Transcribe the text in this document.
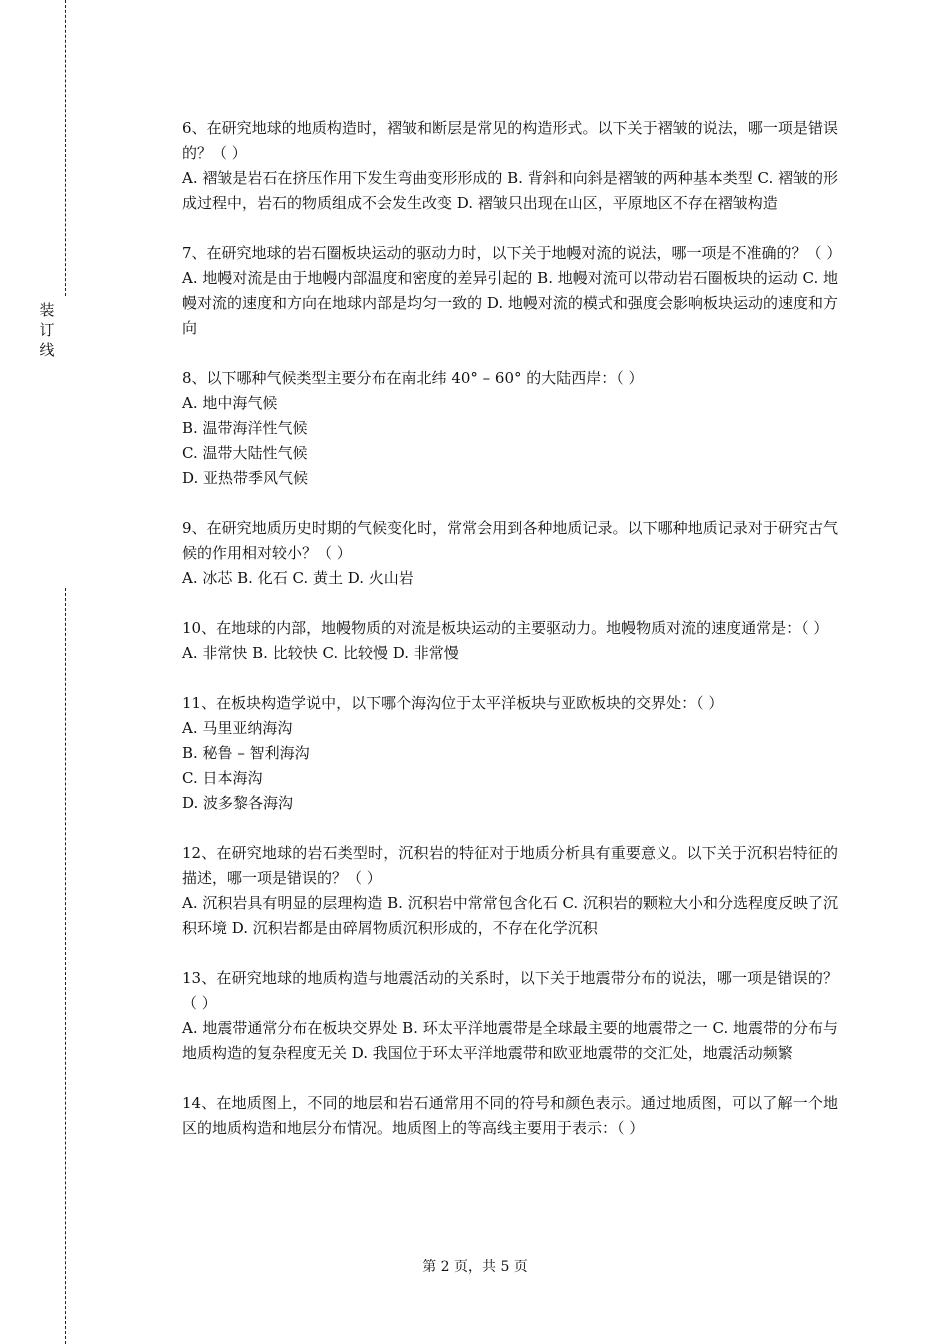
装
订
线

6、在研究地球的地质构造时，褶皱和断层是常见的构造形式。以下关于褶皱的说法，哪一项是错误的？（ ）

A. 褶皱是岩石在挤压作用下发生弯曲变形形成的 B. 背斜和向斜是褶皱的两种基本类型 C. 褶皱的形成过程中，岩石的物质组成不会发生改变 D. 褶皱只出现在山区，平原地区不存在褶皱构造

7、在研究地球的岩石圈板块运动的驱动力时，以下关于地幔对流的说法，哪一项是不准确的？（ ）

A. 地幔对流是由于地幔内部温度和密度的差异引起的 B. 地幔对流可以带动岩石圈板块的运动 C. 地幔对流的速度和方向在地球内部是均匀一致的 D. 地幔对流的模式和强度会影响板块运动的速度和方向

8、以下哪种气候类型主要分布在南北纬 40° – 60° 的大陆西岸：（ ）

A. 地中海气候

B. 温带海洋性气候

C. 温带大陆性气候

D. 亚热带季风气候

9、在研究地质历史时期的气候变化时，常常会用到各种地质记录。以下哪种地质记录对于研究古气候的作用相对较小？（ ）

A. 冰芯 B. 化石 C. 黄土 D. 火山岩

10、在地球的内部，地幔物质的对流是板块运动的主要驱动力。地幔物质对流的速度通常是：（ ）

A. 非常快 B. 比较快 C. 比较慢 D. 非常慢

11、在板块构造学说中，以下哪个海沟位于太平洋板块与亚欧板块的交界处：（ ）

A. 马里亚纳海沟

B. 秘鲁 – 智利海沟

C. 日本海沟

D. 波多黎各海沟

12、在研究地球的岩石类型时，沉积岩的特征对于地质分析具有重要意义。以下关于沉积岩特征的描述，哪一项是错误的？（ ）

A. 沉积岩具有明显的层理构造 B. 沉积岩中常常包含化石 C. 沉积岩的颗粒大小和分选程度反映了沉积环境 D. 沉积岩都是由碎屑物质沉积形成的，不存在化学沉积

13、在研究地球的地质构造与地震活动的关系时，以下关于地震带分布的说法，哪一项是错误的？（ ）

A. 地震带通常分布在板块交界处 B. 环太平洋地震带是全球最主要的地震带之一 C. 地震带的分布与地质构造的复杂程度无关 D. 我国位于环太平洋地震带和欧亚地震带的交汇处，地震活动频繁

14、在地质图上，不同的地层和岩石通常用不同的符号和颜色表示。通过地质图，可以了解一个地区的地质构造和地层分布情况。地质图上的等高线主要用于表示：（ ）

第 2 页，共 5 页
